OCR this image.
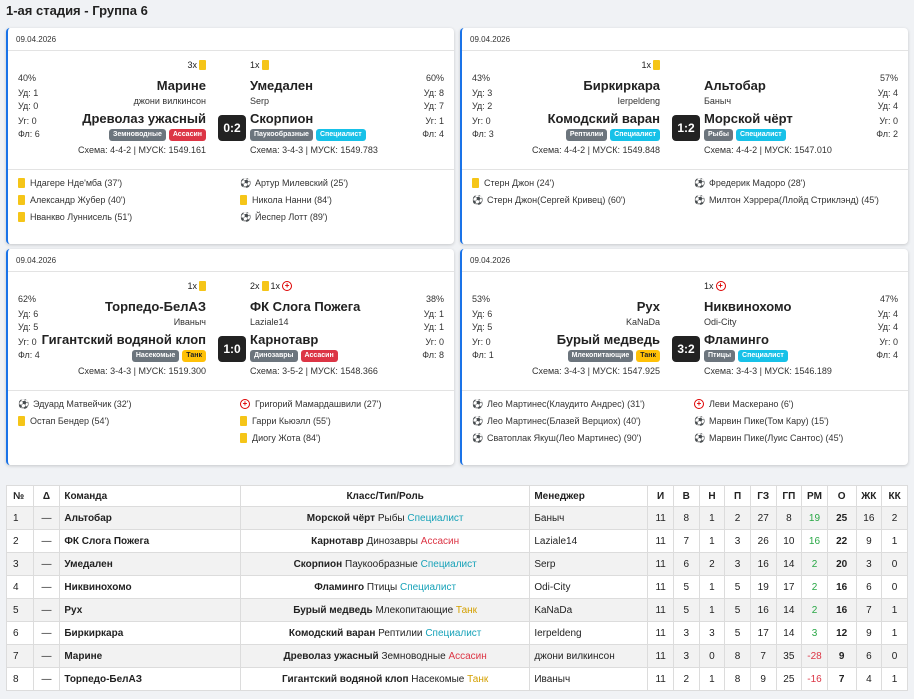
1-ая стадия - Группа 6
09.04.2026
3x
40%
Уд: 1
Уд: 0
Уг: 0
Фл: 6
Марине
джони вилкинсон
Древолаз ужасный
Земноводные	Ассасин
Схема: 4-4-2 | МУСК: 1549.161
1x
60%
Уд: 8
Уд: 7
Уг: 1
Фл: 4
Умедален
Serp
Скорпион
Паукообразные	Специалист
Схема: 3-4-3 | МУСК: 1549.783
0:2
Ндагере Нде'мба (37')
Александр Жубер (40')
Нванкво Луннисель (51')
⚽ Артур Милевский (25')
Никола Нанни (84')
⚽ Йеспер Лотт (89')
09.04.2026
1x
43%
Уд: 3
Уд: 2
Уг: 0
Фл: 3
Биркиркара
Ierpeldeng
Комодский варан
Рептилии	Специалист
Схема: 4-4-2 | МУСК: 1549.848
57%
Уд: 4
Уд: 4
Уг: 0
Фл: 2
Альтобар
Баныч
Морской чёрт
Рыбы	Специалист
Схема: 4-4-2 | МУСК: 1547.010
1:2
Стерн Джон (24')
⚽ Стерн Джон(Сергей Кривец) (60')
⚽ Фредерик Мадоро (28')
⚽ Милтон Хэррера(Ллойд Стриклэнд) (45')
09.04.2026
1x
62%
Уд: 6
Уд: 5
Уг: 0
Фл: 4
Торпедо-БелАЗ
Иваныч
Гигантский водяной клоп
Насекомые	Танк
Схема: 3-4-3 | МУСК: 1519.300
2x 1x +
38%
Уд: 1
Уд: 1
Уг: 0
Фл: 8
ФК Слога Пожега
Laziale14
Карнотавр
Динозавры	Ассасин
Схема: 3-5-2 | МУСК: 1548.366
1:0
⚽ Эдуард Матвейчик (32')
Остап Бендер (54')
+ Григорий Мамардашвили (27')
Гарри Кьюэлл (55')
Диогу Жота (84')
09.04.2026
53%
Уд: 6
Уд: 5
Уг: 0
Фл: 1
Рух
KaNaDa
Бурый медведь
Млекопитающие	Танк
Схема: 3-4-3 | МУСК: 1547.925
1x +
47%
Уд: 4
Уд: 4
Уг: 0
Фл: 4
Никвинохомо
Odi-City
Фламинго
Птицы	Специалист
Схема: 3-4-3 | МУСК: 1546.189
3:2
⚽ Лео Мартинес(Клаудито Андрес) (31')
⚽ Лео Мартинес(Блазей Верциох) (40')
⚽ Сватоплак Якуш(Лео Мартинес) (90')
+ Леви Маскерано (6')
⚽ Марвин Пике(Том Кару) (15')
⚽ Марвин Пике(Луис Сантос) (45')
№	Δ	Команда	Класс/Тип/Роль	Менеджер	И	В	Н	П	ГЗ	ГП	РМ	О	ЖК	КК
1	—	Альтобар	Морской чёрт Рыбы Специалист	Баныч	11	8	1	2	27	8	19	25	16	2
2	—	ФК Слога Пожега	Карнотавр Динозавры Ассасин	Laziale14	11	7	1	3	26	10	16	22	9	1
3	—	Умедален	Скорпион Паукообразные Специалист	Serp	11	6	2	3	16	14	2	20	3	0
4	—	Никвинохомо	Фламинго Птицы Специалист	Odi-City	11	5	1	5	19	17	2	16	6	0
5	—	Рух	Бурый медведь Млекопитающие Танк	KaNaDa	11	5	1	5	16	14	2	16	7	1
6	—	Биркиркара	Комодский варан Рептилии Специалист	Ierpeldeng	11	3	3	5	17	14	3	12	9	1
7	—	Марине	Древолаз ужасный Земноводные Ассасин	джони вилкинсон	11	3	0	8	7	35	-28	9	6	0
8	—	Торпедо-БелАЗ	Гигантский водяной клоп Насекомые Танк	Иваныч	11	2	1	8	9	25	-16	7	4	1
